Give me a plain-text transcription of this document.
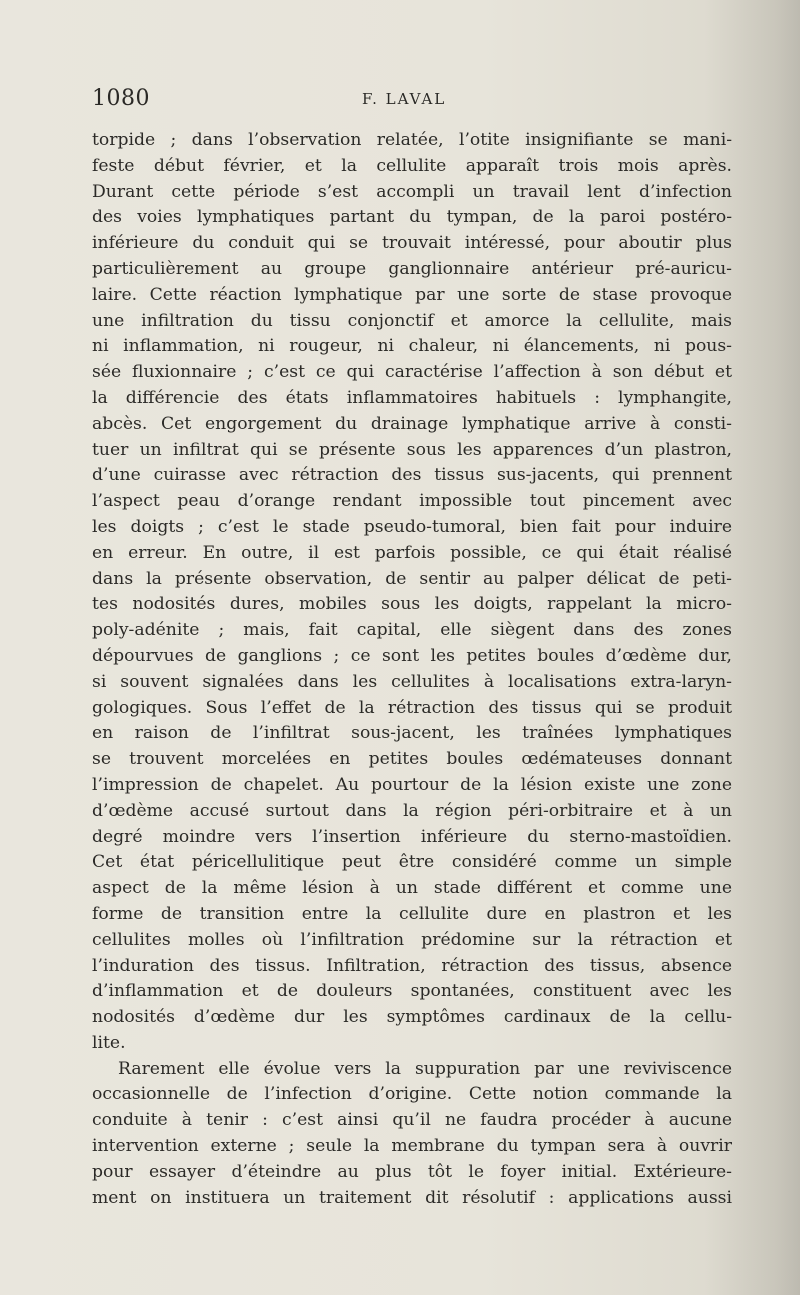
1080	F. LAVAL
torpide ; dans l’observation relatée, l’otite insignifiante se mani-
feste début février, et la cellulite apparaît trois mois après.
Durant cette période s’est accompli un travail lent d’infection
des voies lymphatiques partant du tympan, de la paroi postéro-
inférieure du conduit qui se trouvait intéressé, pour aboutir plus
particulièrement au groupe ganglionnaire antérieur pré-auricu-
laire. Cette réaction lymphatique par une sorte de stase provoque
une infiltration du tissu conjonctif et amorce la cellulite, mais
ni inflammation, ni rougeur, ni chaleur, ni élancements, ni pous-
sée fluxionnaire ; c’est ce qui caractérise l’affection à son début et
la différencie des états inflammatoires habituels : lymphangite,
abcès. Cet engorgement du drainage lymphatique arrive à consti-
tuer un infiltrat qui se présente sous les apparences d’un plastron,
d’une cuirasse avec rétraction des tissus sus-jacents, qui prennent
l’aspect peau d’orange rendant impossible tout pincement avec
les doigts ; c’est le stade pseudo-tumoral, bien fait pour induire
en erreur. En outre, il est parfois possible, ce qui était réalisé
dans la présente observation, de sentir au palper délicat de peti-
tes nodosités dures, mobiles sous les doigts, rappelant la micro-
poly-adénite ; mais, fait capital, elle siègent dans des zones
dépourvues de ganglions ; ce sont les petites boules d’œdème dur,
si souvent signalées dans les cellulites à localisations extra-laryn-
gologiques. Sous l’effet de la rétraction des tissus qui se produit
en raison de l’infiltrat sous-jacent, les traînées lymphatiques
se trouvent morcelées en petites boules œdémateuses donnant
l’impression de chapelet. Au pourtour de la lésion existe une zone
d’œdème accusé surtout dans la région péri-orbitraire et à un
degré moindre vers l’insertion inférieure du sterno-mastoïdien.
Cet état péricellulitique peut être considéré comme un simple
aspect de la même lésion à un stade différent et comme une
forme de transition entre la cellulite dure en plastron et les
cellulites molles où l’infiltration prédomine sur la rétraction et
l’induration des tissus. Infiltration, rétraction des tissus, absence
d’inflammation et de douleurs spontanées, constituent avec les
nodosités d’œdème dur les symptômes cardinaux de la cellu-
lite.
Rarement elle évolue vers la suppuration par une reviviscence
occasionnelle de l’infection d’origine. Cette notion commande la
conduite à tenir : c’est ainsi qu’il ne faudra procéder à aucune
intervention externe ; seule la membrane du tympan sera à ouvrir
pour essayer d’éteindre au plus tôt le foyer initial. Extérieure-
ment on instituera un traitement dit résolutif : applications aussi
